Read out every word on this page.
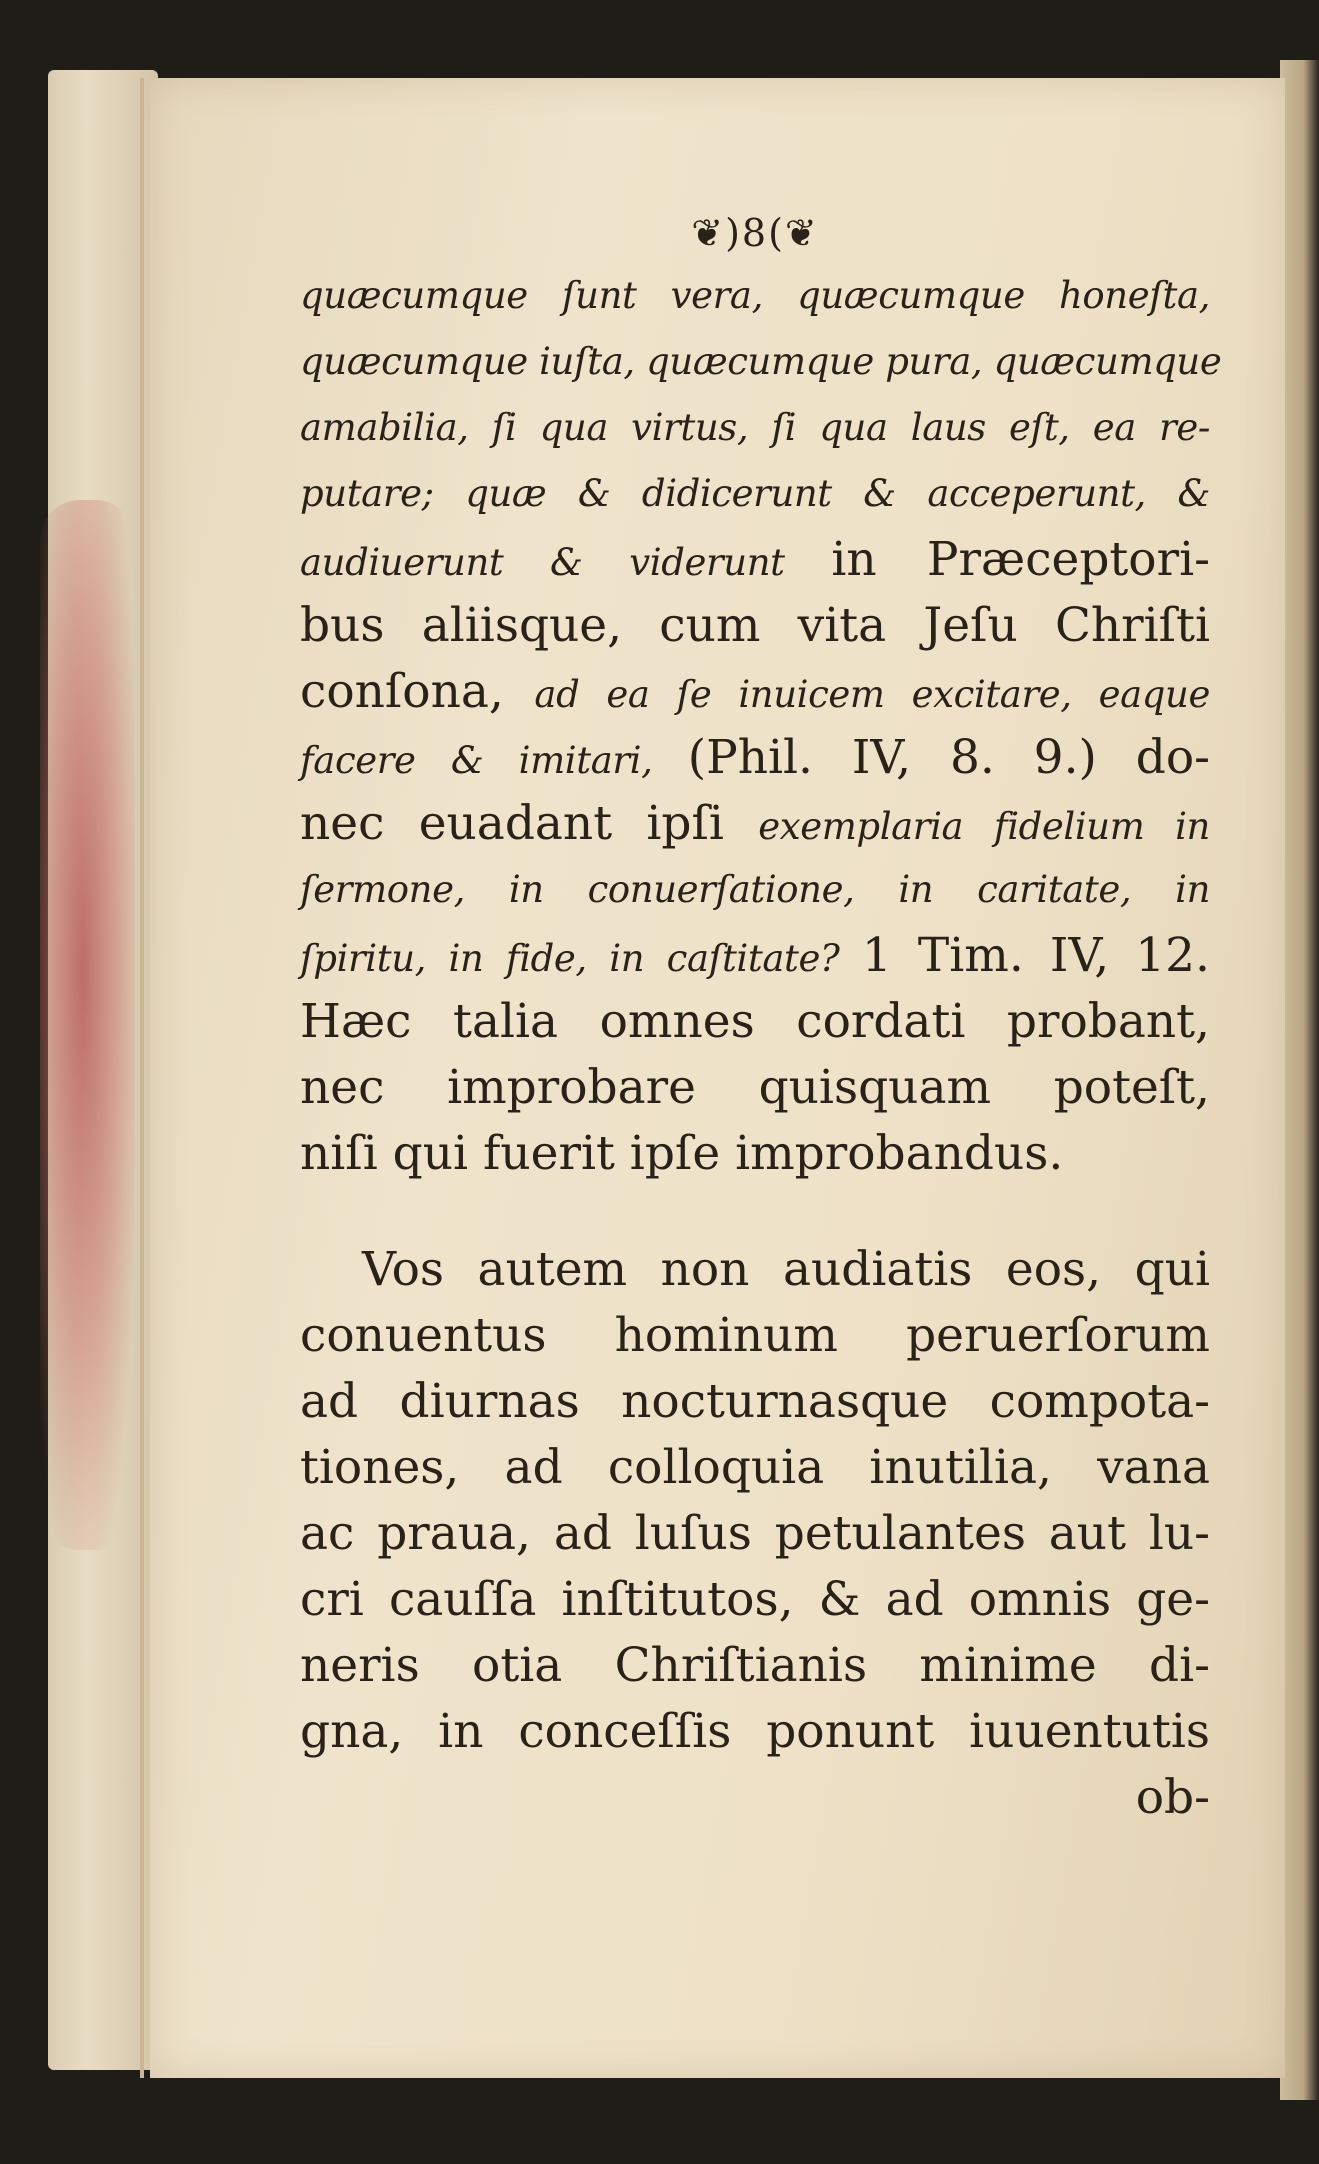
❦)8(❦
quæcumque ſunt vera, quæcumque honeſta,
quæcumque iuſta, quæcumque pura, quæcumque
amabilia, ſi qua virtus, ſi qua laus eſt, ea re-
putare; quæ & didicerunt & acceperunt, &
audiuerunt & viderunt in Præceptori-
bus aliisque, cum vita Jeſu Chriſti
conſona, ad ea ſe inuicem excitare, eaque
facere & imitari, (Phil. IV, 8. 9.) do-
nec euadant ipſi exemplaria fidelium in
ſermone, in conuerſatione, in caritate, in
ſpiritu, in fide, in caſtitate? 1 Tim. IV, 12.
Hæc talia omnes cordati probant,
nec improbare quisquam poteſt,
niſi qui fuerit ipſe improbandus.
Vos autem non audiatis eos, qui
conuentus hominum peruerſorum
ad diurnas nocturnasque compota-
tiones, ad colloquia inutilia, vana
ac praua, ad luſus petulantes aut lu-
cri cauſſa inſtitutos, & ad omnis ge-
neris otia Chriſtianis minime di-
gna, in conceſſis ponunt iuuentutis
ob-
